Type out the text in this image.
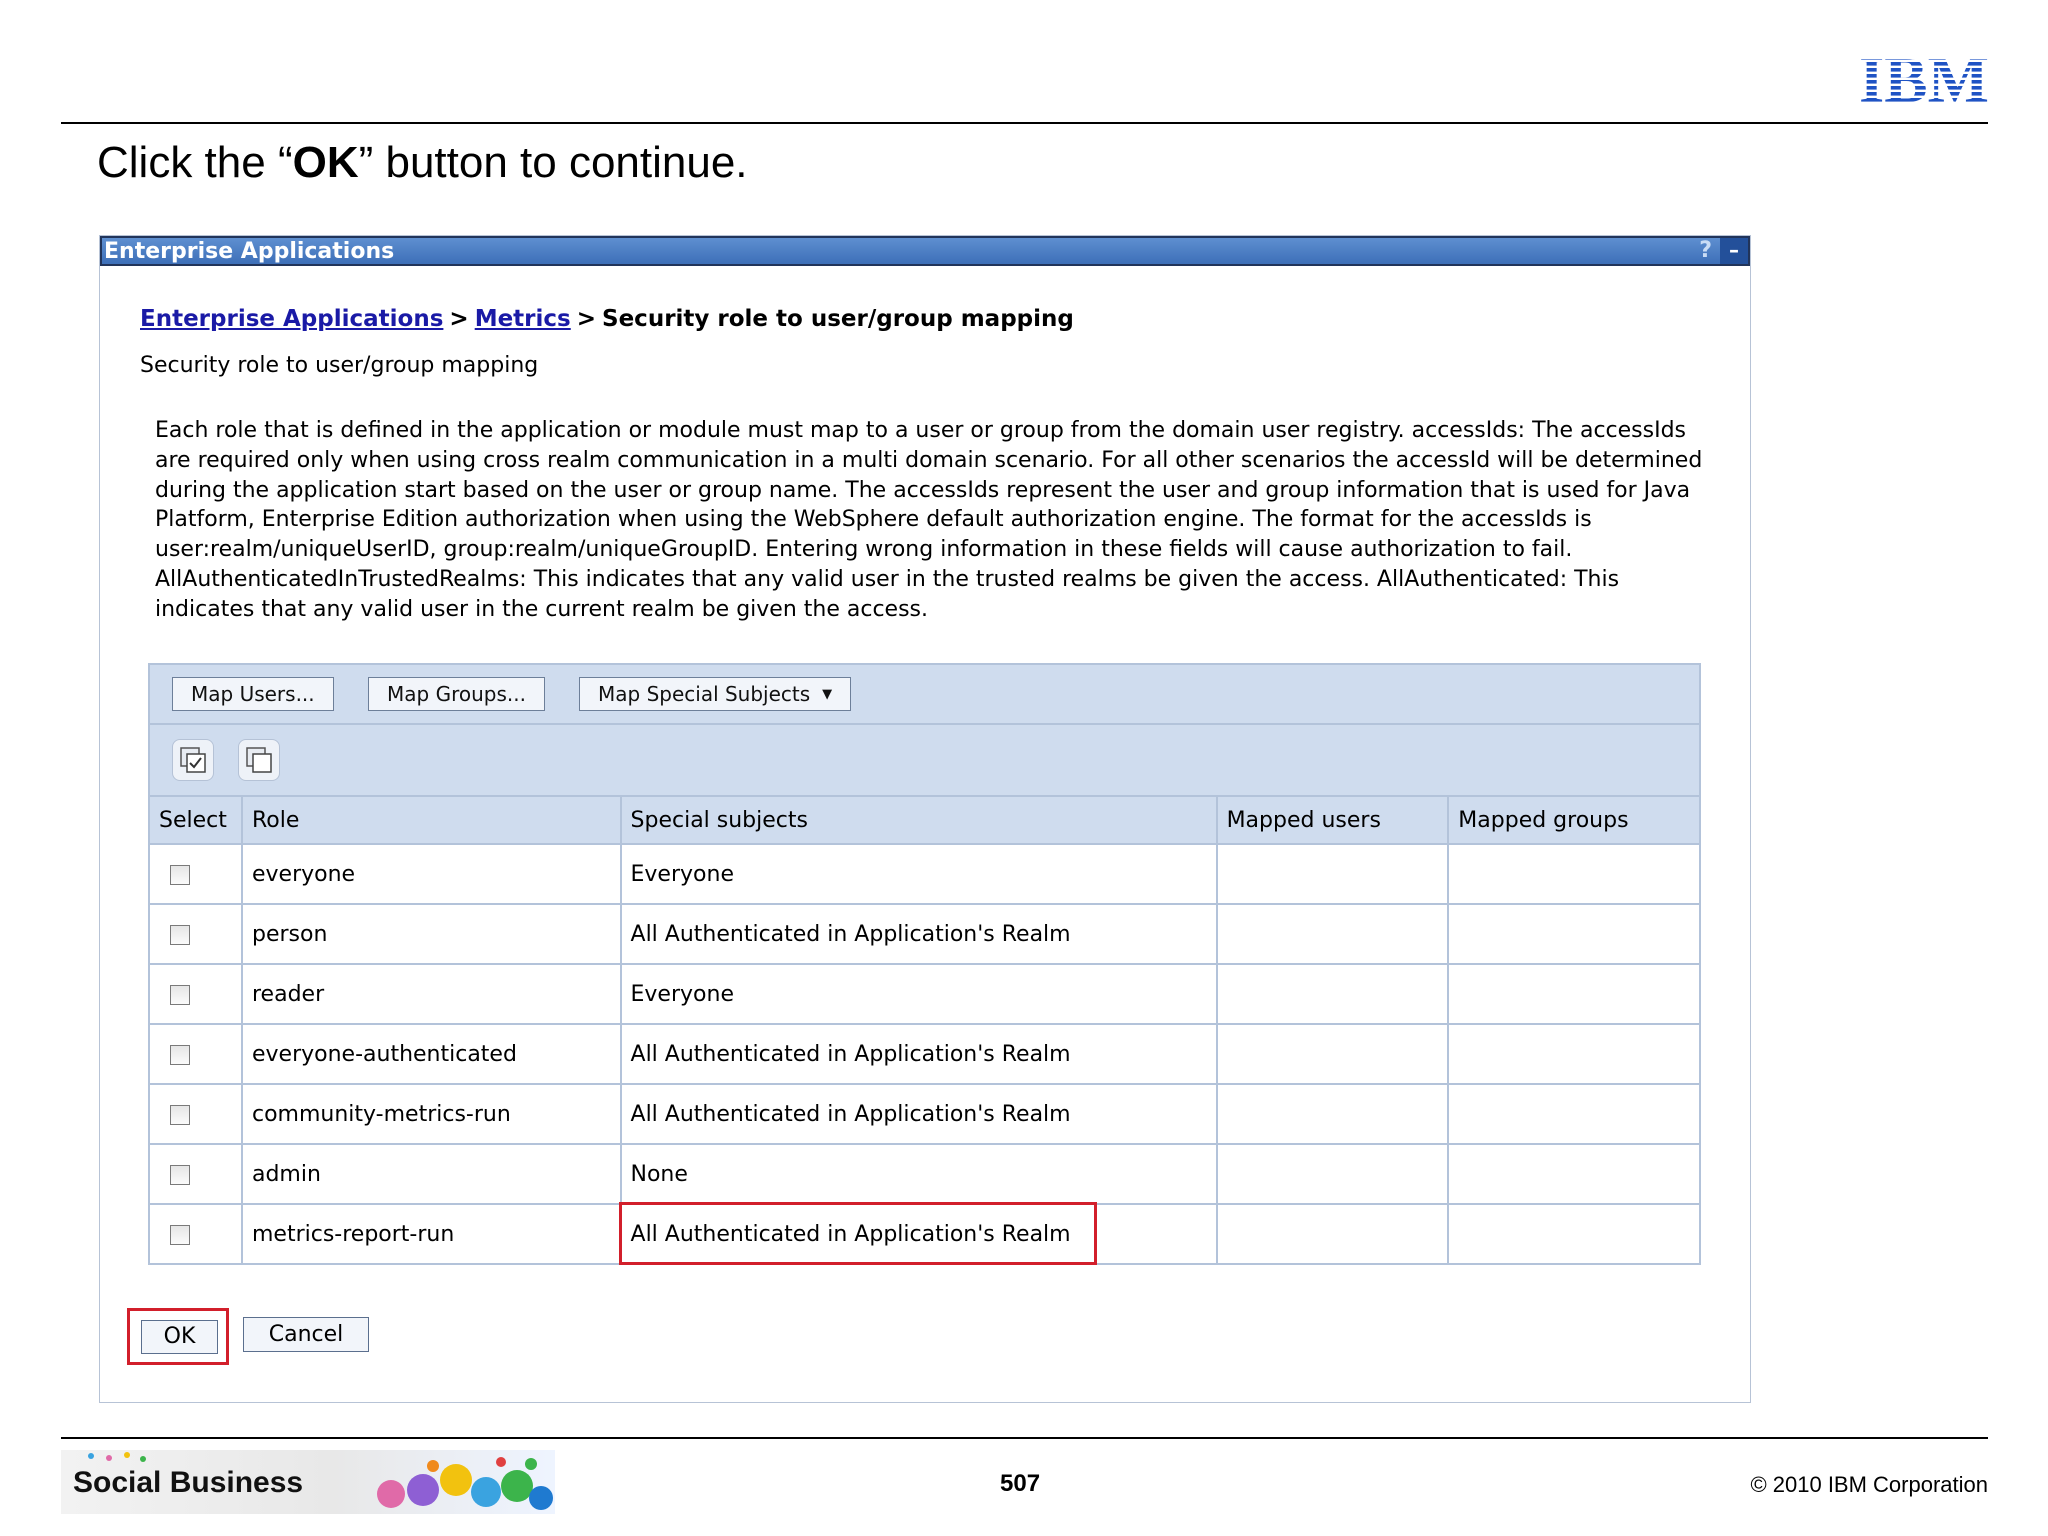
IBM
Click the “OK” button to continue.
Enterprise Applications	? –
Enterprise Applications > Metrics > Security role to user/group mapping
Security role to user/group mapping
Each role that is defined in the application or module must map to a user or group from the domain user registry. accessIds: The accessIds are required only when using cross realm communication in a multi domain scenario. For all other scenarios the accessId will be determined during the application start based on the user or group name. The accessIds represent the user and group information that is used for Java Platform, Enterprise Edition authorization when using the WebSphere default authorization engine. The format for the accessIds is user:realm/uniqueUserID, group:realm/uniqueGroupID. Entering wrong information in these fields will cause authorization to fail. AllAuthenticatedInTrustedRealms: This indicates that any valid user in the trusted realms be given the access. AllAuthenticated: This indicates that any valid user in the current realm be given the access.
Map Users...	Map Groups...	Map Special Subjects ▼
Select	Role	Special subjects	Mapped users	Mapped groups
	everyone	Everyone		
	person	All Authenticated in Application's Realm		
	reader	Everyone		
	everyone-authenticated	All Authenticated in Application's Realm		
	community-metrics-run	All Authenticated in Application's Realm		
	admin	None		
	metrics-report-run	All Authenticated in Application's Realm		
OK	Cancel
Social Business	507	© 2010 IBM Corporation
